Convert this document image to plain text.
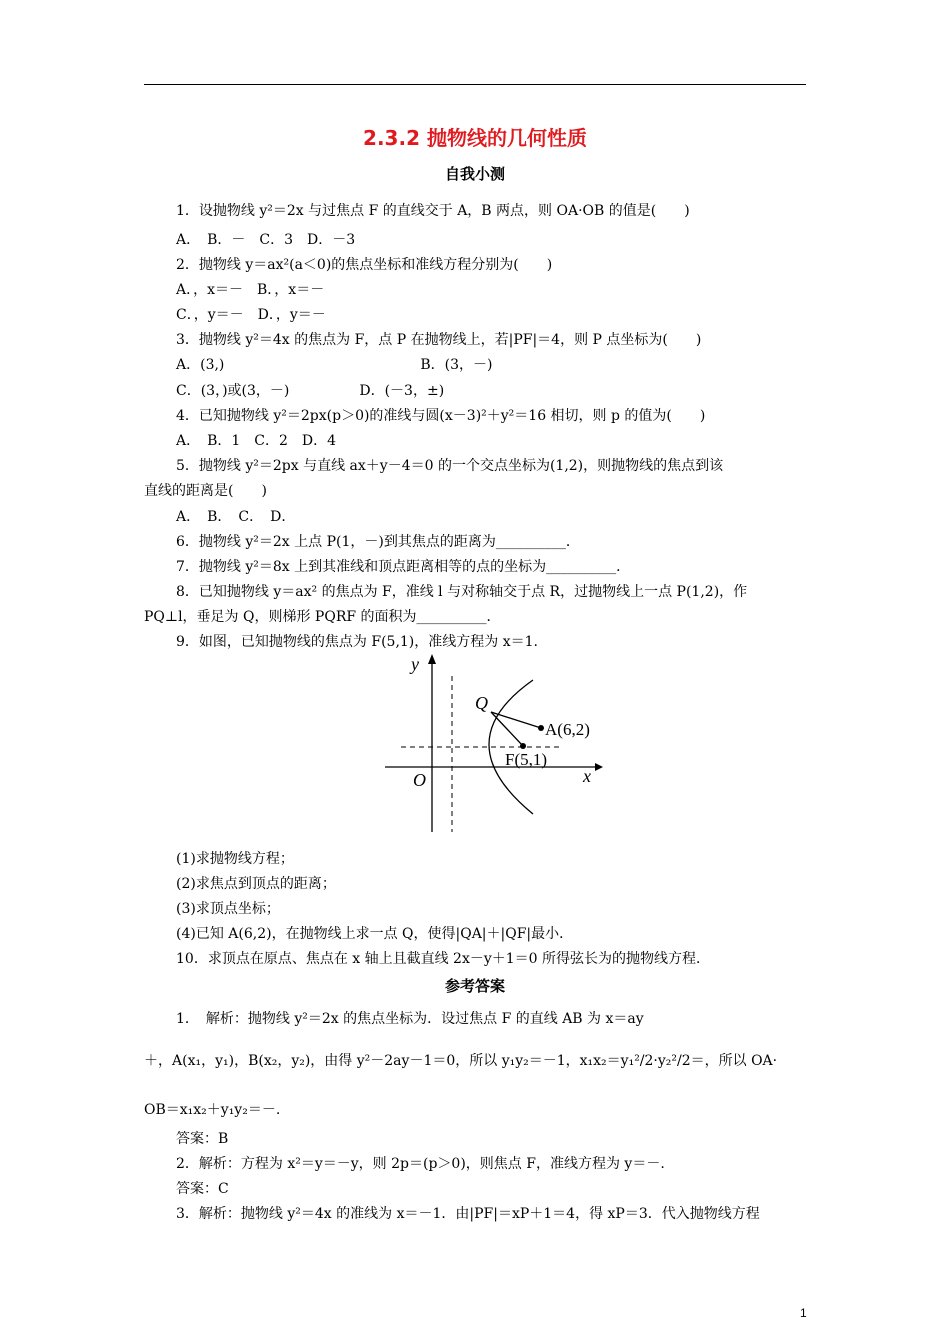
2.3.2 抛物线的几何性质
自我小测
1．设抛物线 y²＝2x 与过焦点 F 的直线交于 A，B 两点，则 OA·OB 的值是(　　)
A．　B．－　C．3　D．－3
2．抛物线 y＝ax²(a＜0)的焦点坐标和准线方程分别为(　　)
A．，x＝－　B．，x＝－
C．，y＝－　D．，y＝－
3．抛物线 y²＝4x 的焦点为 F，点 P 在抛物线上，若|PF|＝4，则 P 点坐标为(　　)
A．(3,)　　　　　　　　　　　　　　B．(3，－)
C．(3，)或(3，－)　　　　　D．(－3，±)
4．已知抛物线 y²＝2px(p＞0)的准线与圆(x－3)²＋y²＝16 相切，则 p 的值为(　　)
A．　B．1　C．2　D．4
5．抛物线 y²＝2px 与直线 ax＋y－4＝0 的一个交点坐标为(1,2)，则抛物线的焦点到该
直线的距离是(　　)
A．　B．　C．　D．
6．抛物线 y²＝2x 上点 P(1，－)到其焦点的距离为__________．
7．抛物线 y²＝8x 上到其准线和顶点距离相等的点的坐标为__________．
8．已知抛物线 y＝ax² 的焦点为 F，准线 l 与对称轴交于点 R，过抛物线上一点 P(1,2)，作
PQ⊥l，垂足为 Q，则梯形 PQRF 的面积为__________．
9．如图，已知抛物线的焦点为 F(5,1)，准线方程为 x＝1.
y
x
O
Q
A(6,2)
F(5,1)
(1)求抛物线方程；
(2)求焦点到顶点的距离；
(3)求顶点坐标；
(4)已知 A(6,2)，在抛物线上求一点 Q，使得|QA|＋|QF|最小．
10．求顶点在原点、焦点在 x 轴上且截直线 2x－y＋1＝0 所得弦长为的抛物线方程．
参考答案
1．　解析：抛物线 y²＝2x 的焦点坐标为．设过焦点 F 的直线 AB 为 x＝ay
＋，A(x₁，y₁)，B(x₂，y₂)，由得 y²－2ay－1＝0，所以 y₁y₂＝－1，x₁x₂＝y₁²/2·y₂²/2＝，所以 OA·
OB＝x₁x₂＋y₁y₂＝－.
答案：B
2．解析：方程为 x²＝y＝－y，则 2p＝(p＞0)，则焦点 F，准线方程为 y＝－.
答案：C
3．解析：抛物线 y²＝4x 的准线为 x＝－1．由|PF|＝xP＋1＝4，得 xP＝3．代入抛物线方程
1
